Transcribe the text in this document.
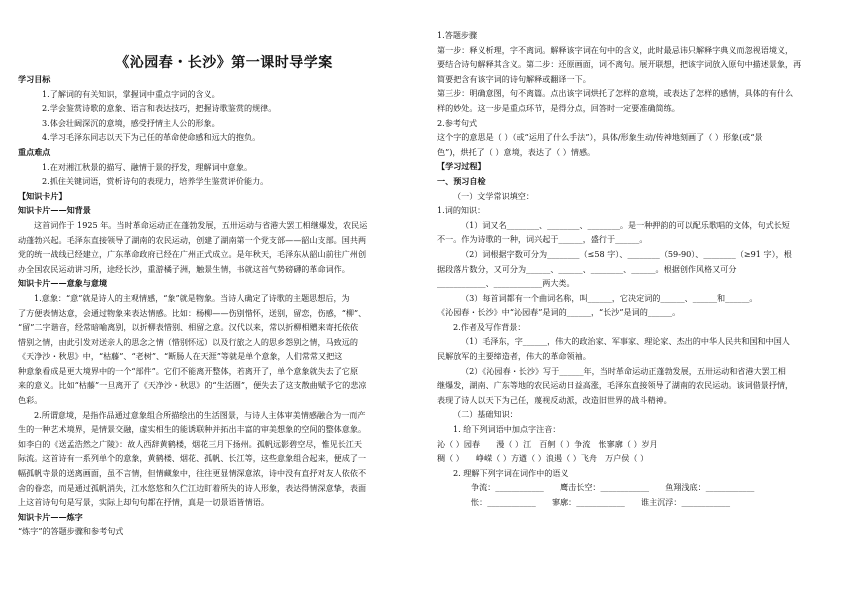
《沁园春・长沙》第一课时导学案
学习目标
1.了解词的有关知识，掌握词中重点字词的含义。
2.学会鉴赏诗歌的意象、语言和表达技巧，把握诗歌鉴赏的规律。
3.体会壮阔深沉的意境，感受抒情主人公的形象。
4.学习毛泽东同志以天下为己任的革命使命感和远大的抱负。
重点难点
1.在对湘江秋景的描写、融情于景的抒发，理解词中意象。
2.抓住关键词语，赏析诗句的表现力，培养学生鉴赏评价能力。
【知识卡片】
知识卡片——知背景
这首词作于 1925 年。当时革命运动正在蓬勃发展，五卅运动与省港大罢工相继爆发，农民运
动蓬勃兴起。毛泽东直接领导了湖南的农民运动，创建了湖南第一个党支部——韶山支部。国共两
党的统一战线已经建立，广东革命政府已经在广州正式成立。是年秋天，毛泽东从韶山前往广州创
办全国农民运动讲习所，途经长沙，重游橘子洲，触景生情，书就这首气势磅礴的革命词作。
知识卡片——意象与意境
1.意象：“意”就是诗人的主观情感，“象”就是物象。当诗人确定了诗歌的主题思想后，为
了方便表情达意，会通过物象来表达情感。比如：杨柳——伤别惜怀，送别，留恋，伤感，“柳”、
“留”二字谐音，经常暗喻离别，以折柳表惜别、相留之意。汉代以来，常以折柳相赠来寄托依依
惜别之情，由此引发对送亲人的思念之情（惜别怀远）以及行旅之人的思乡怨别之情，马致远的
《天净沙・秋思》中，“枯藤”、“老树”、“断肠人在天涯”等就是单个意象，人们常常又把这
种意象看成是更大境界中的一个“部件”。它们不能离开整体，若离开了，单个意象就失去了它原
来的意义。比如“枯藤”一旦离开了《天净沙・秋思》的“生活圈”，便失去了这支散曲赋予它的悲凉
色彩。
2.所谓意境，是指作品通过意象组合所描绘出的生活图景，与诗人主体审美情感融合为一而产
生的一种艺术境界，是情景交融，虚实相生的能诱联种并拓出丰富的审美想象的空间的整体意象。
如李白的《送孟浩然之广陵》：故人西辞黄鹤楼，烟花三月下扬州。孤帆远影碧空尽，惟见长江天
际流。这首诗有一系列单个的意象，黄鹤楼、烟花、孤帆、长江等，这些意象组合起来，便成了一
幅孤帆寺景的送离画面，虽不言情，但情藏象中，往往更显情深意浓，诗中没有直抒对友人依依不
舍的眷恋，而是通过孤帆消失，江水悠悠和久伫江边盯着所失的诗人形象，表达得情深意挚，表面
上这首诗句句是写景，实际上却句句都在抒情，真是一切景语皆情语。
知识卡片——炼字
“炼字”的答题步骤和参考句式
1.答题步骤
第一步：释义析理，字不离词。解释该字词在句中的含义，此时最忌讳只解释字典义而忽视语境义，
要结合诗句解释其含义。第二步：还原画面，词不离句。展开联想，把该字词放入原句中描述景象，再
简要把含有该字词的诗句解释或翻译一下。
第三步：明确意图，句不离篇。点出该字词烘托了怎样的意境，或表达了怎样的感情，具体的有什么
样的妙处。这一步是重点环节，是得分点，回答时一定要准确简练。
2.参考句式
这个字的意思是（ ）（或“运用了什么手法”），具体/形象生动/传神地刻画了（ ）形象(或“景
色”)，烘托了（ ）意境，表达了（ ）情感。
【学习过程】
一、预习自检
（一）文学常识填空：
1.词的知识：
（1）词又名________、________、________。是一种押韵的可以配乐歌唱的文体，句式长短
不一。作为诗歌的一种，词兴起于______，盛行于______。
（2）词根据字数可分为________（≤58 字）、________（59-90）、________（≥91 字），根
据段落片数分，又可分为______、______、________、______。根据创作风格又可分
____________、____________两大类。
（3）每首词都有一个曲词名称，叫______，它决定词的______、______和______。
《沁园春・长沙》中“沁园春”是词的______，“长沙”是词的______。
2.作者及写作背景：
（1）毛泽东，字______，伟大的政治家、军事家、理论家、杰出的中华人民共和国和中国人
民解放军的主要缔造者，伟大的革命领袖。
（2）《沁园春・长沙》写于______年，当时革命运动正蓬勃发展，五卅运动和省港大罢工相
继爆发，湖南、广东等地的农民运动日益高涨，毛泽东直接领导了湖南的农民运动。该词借景抒情，
表现了诗人以天下为己任，蔑视反动派，改造旧世界的战斗精神。
（二）基础知识：
1. 给下列词语中加点字注音：
沁（ ）园春　　漫（ ）江　百舸（ ）争流　怅寥廓（ ）岁月
稠（ ）　　峥嵘（ ）方遒（ ）浪遏（ ）飞舟　万户侯（ ）
2. 理解下列字词在词作中的语义
争流：____________　　鹰击长空：____________　　鱼翔浅底：____________
怅：____________　　寥廓：____________　　谁主沉浮：____________
